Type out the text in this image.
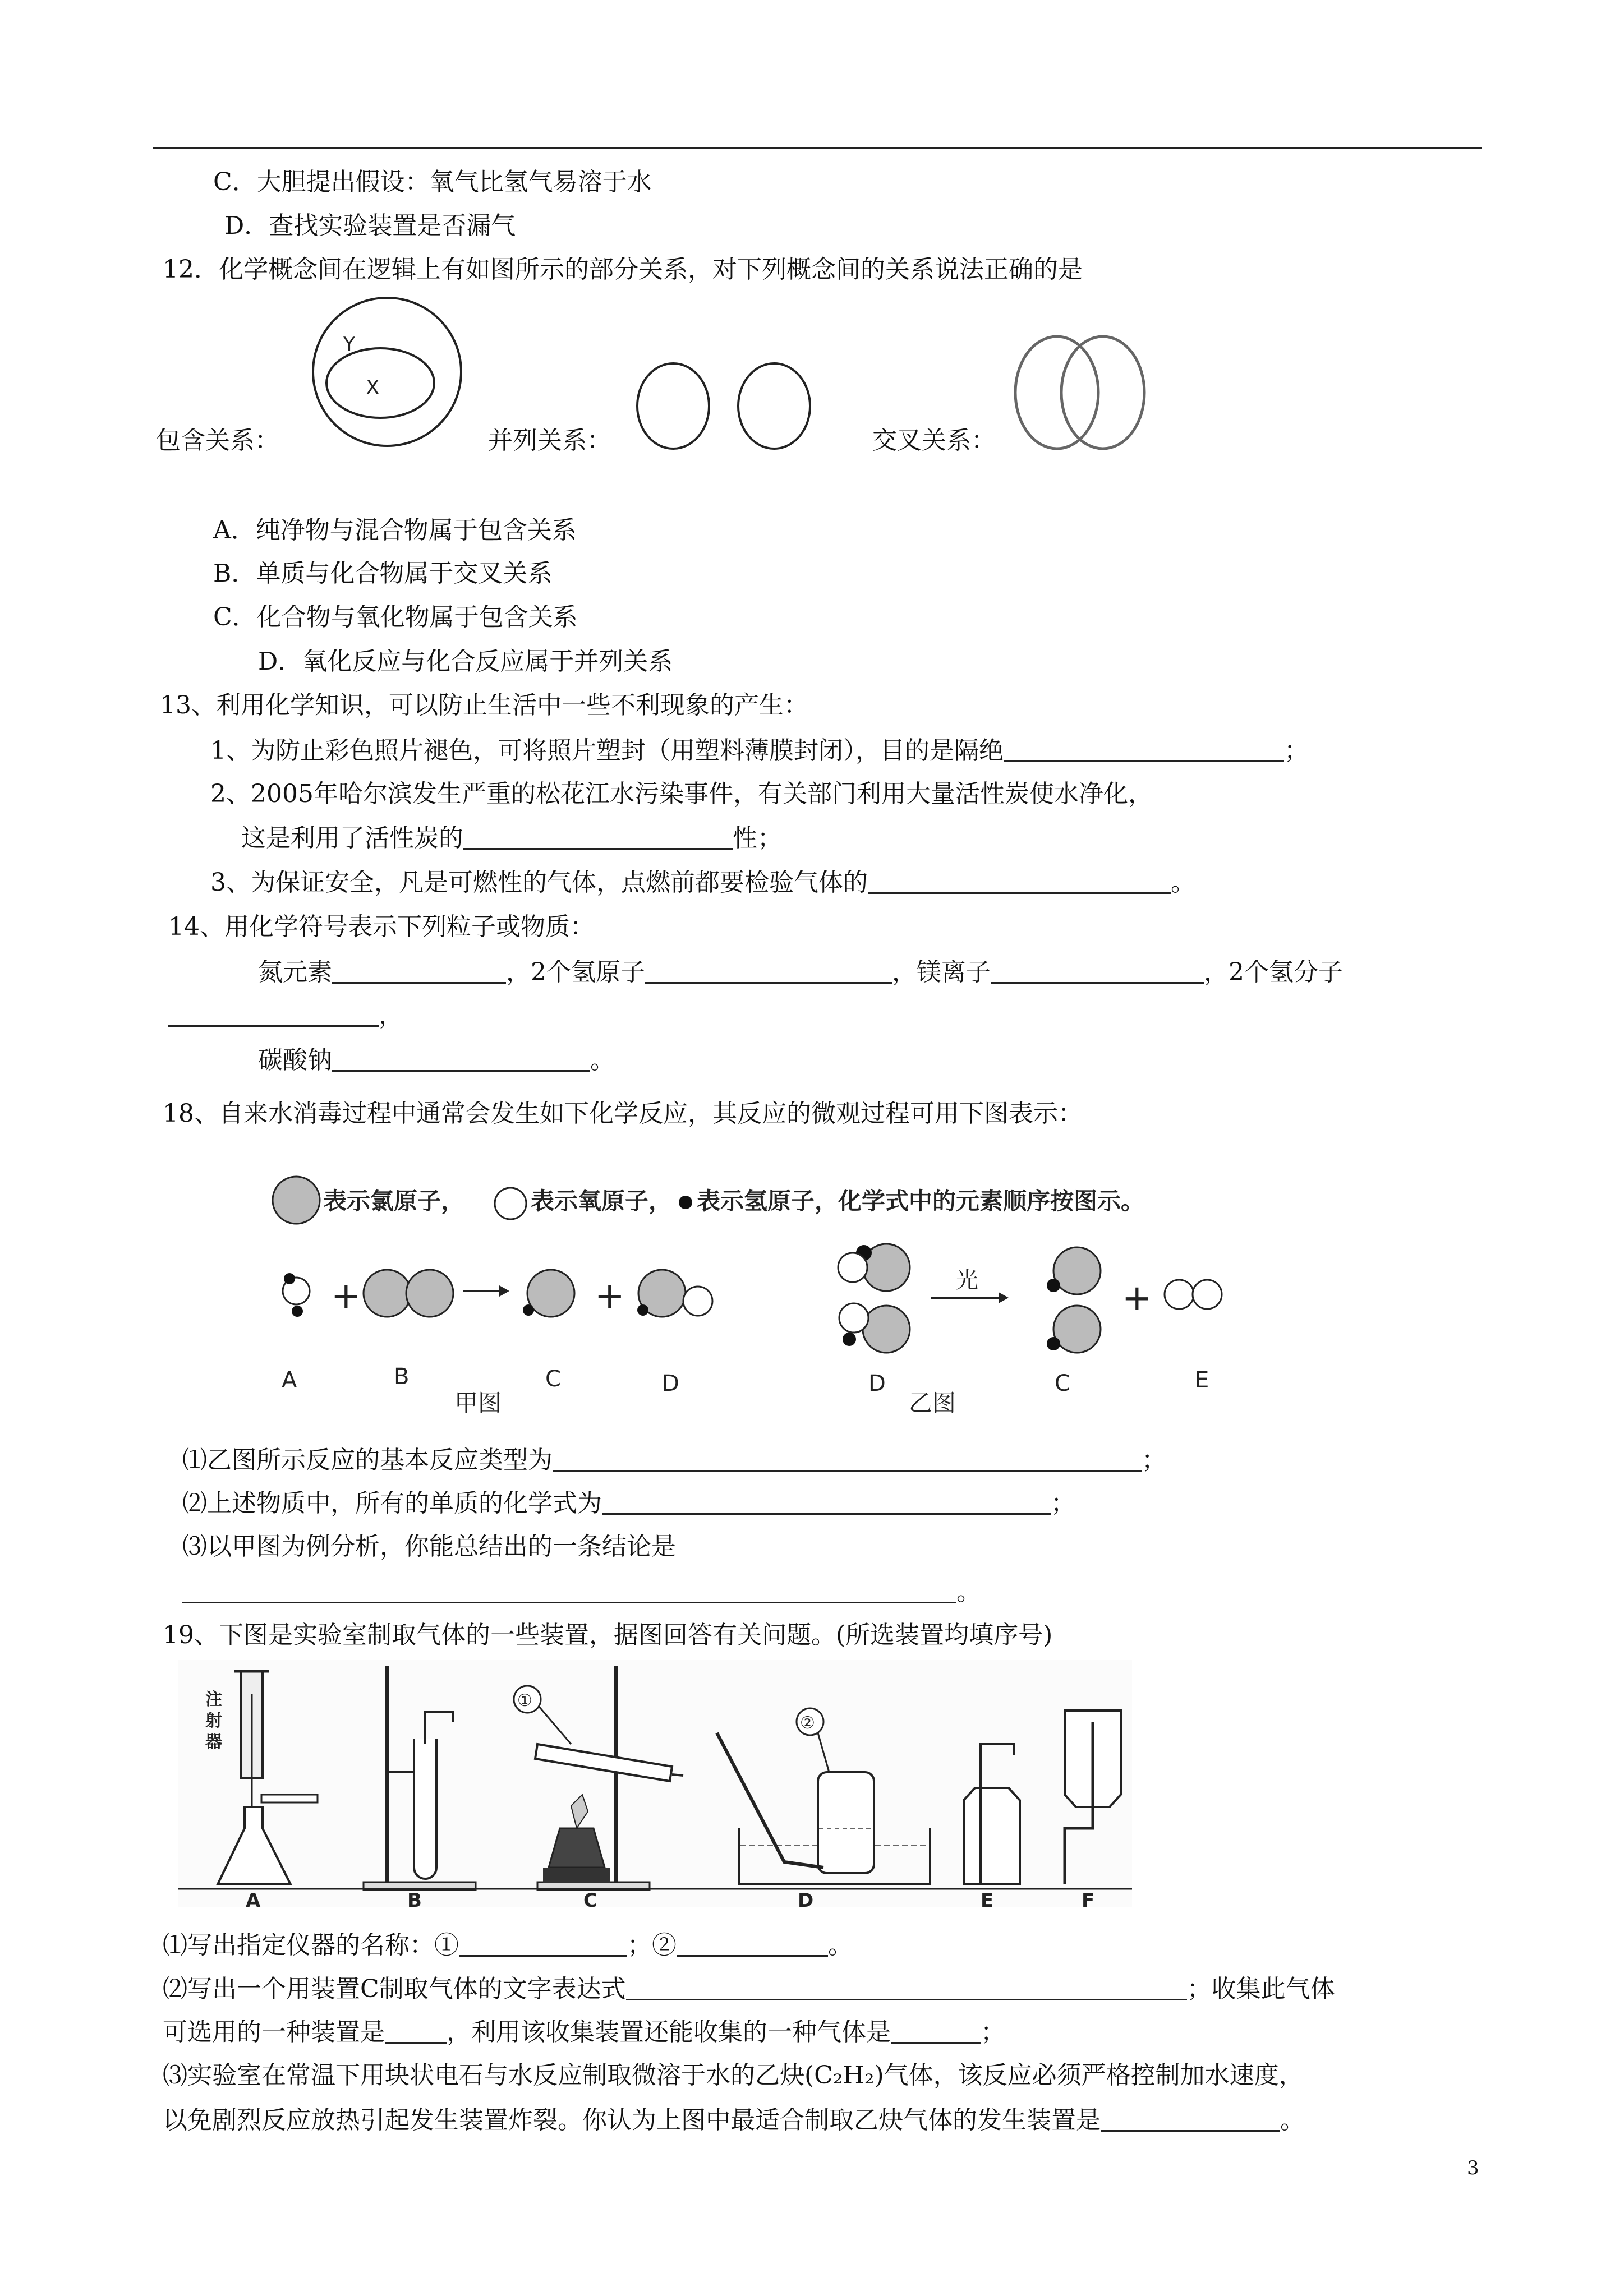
C．大胆提出假设：氧气比氢气易溶于水
D．查找实验装置是否漏气
12．化学概念间在逻辑上有如图所示的部分关系，对下列概念间的关系说法正确的是
Y
X
包含关系：	并列关系：	交叉关系：
A．纯净物与混合物属于包含关系
B．单质与化合物属于交叉关系
C．化合物与氧化物属于包含关系
D．氧化反应与化合反应属于并列关系
13、利用化学知识，可以防止生活中一些不利现象的产生：
1、为防止彩色照片褪色，可将照片塑封（用塑料薄膜封闭），目的是隔绝	；
2、2005年哈尔滨发生严重的松花江水污染事件，有关部门利用大量活性炭使水净化，
这是利用了活性炭的	性；
3、为保证安全，凡是可燃性的气体，点燃前都要检验气体的	。
14、用化学符号表示下列粒子或物质：
氮元素	，2个氢原子	，镁离子	，2个氢分子
，
碳酸钠	。
18、自来水消毒过程中通常会发生如下化学反应，其反应的微观过程可用下图表示：
表示氯原子，	表示氧原子， 表示氢原子，化学式中的元素顺序按图示。
+	+
A	B	C	D
甲图
光	+
D
乙图
C	E
⑴乙图所示反应的基本反应类型为	；
⑵上述物质中，所有的单质的化学式为	；
⑶以甲图为例分析，你能总结出的一条结论是
。
19、下图是实验室制取气体的一些装置，据图回答有关问题。(所选装置均填序号)
注
射
器
①
②
A	B	C	D	E	F
⑴写出指定仪器的名称：①	；②	。
⑵写出一个用装置C制取气体的文字表达式	；收集此气体
可选用的一种装置是	，利用该收集装置还能收集的一种气体是	；
⑶实验室在常温下用块状电石与水反应制取微溶于水的乙炔(C₂H₂)气体，该反应必须严格控制加水速度，
以免剧烈反应放热引起发生装置炸裂。你认为上图中最适合制取乙炔气体的发生装置是	。
3
